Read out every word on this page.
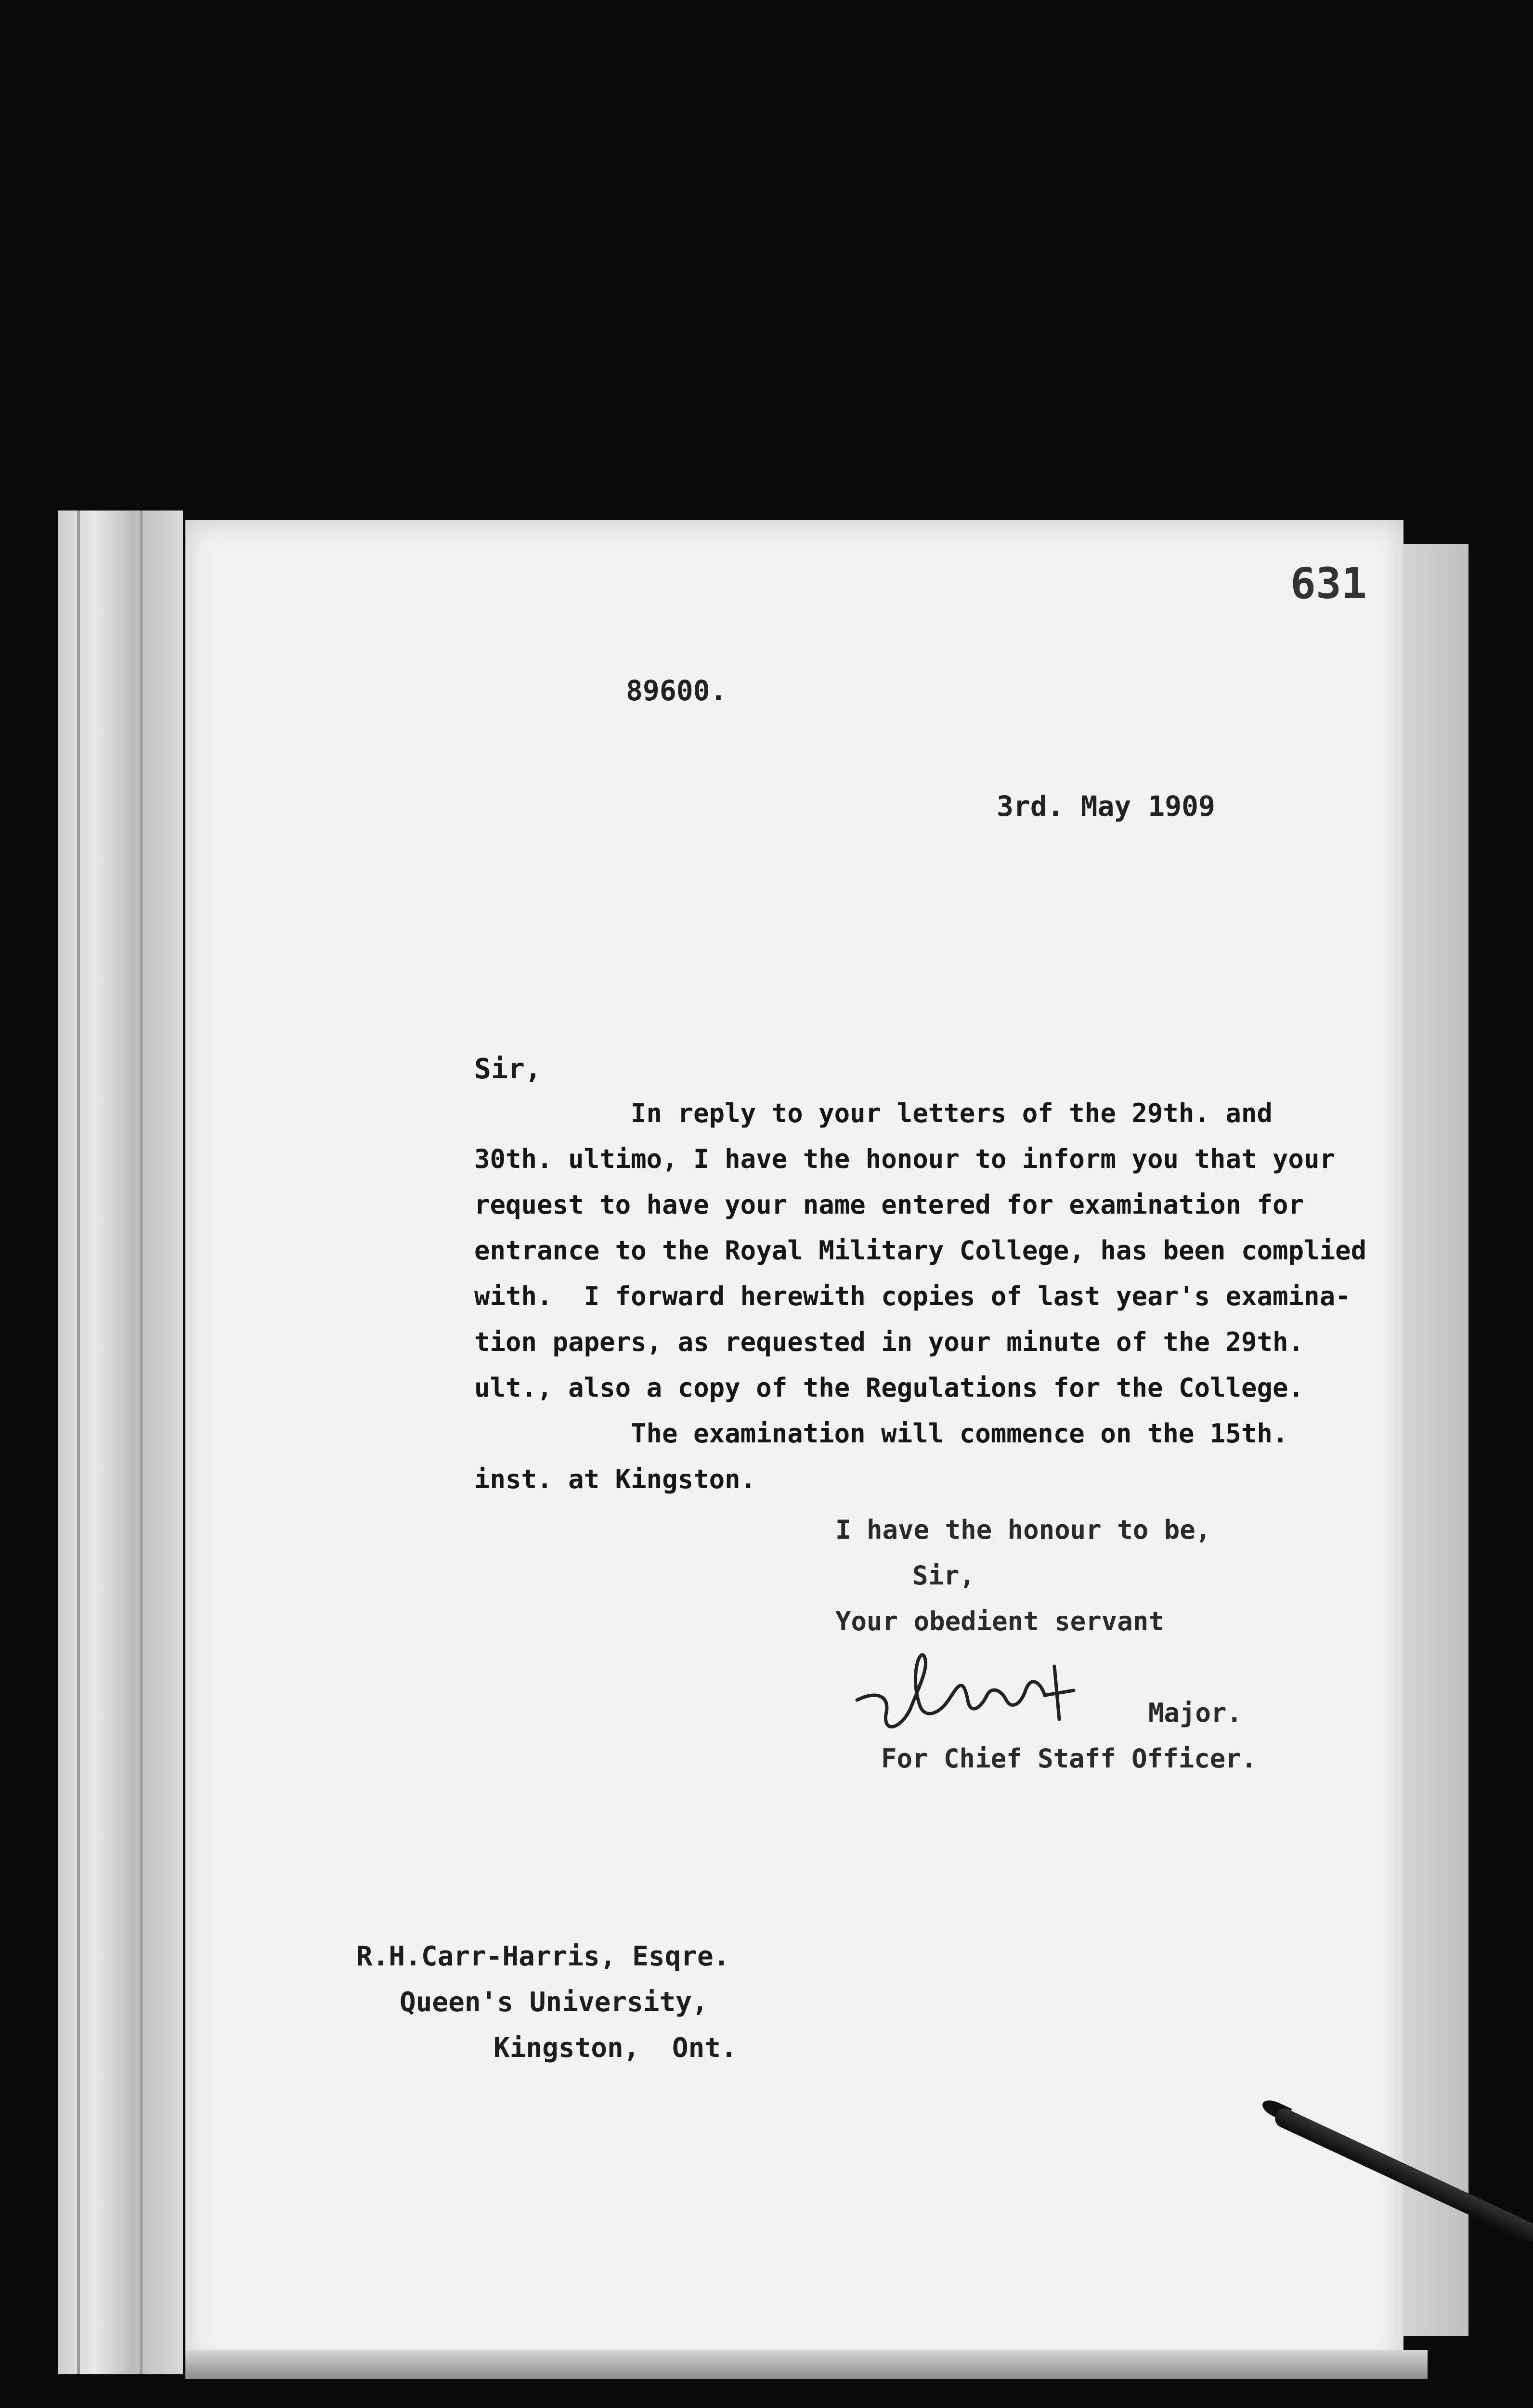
631
89600.
3rd. May 1909
Sir,
In reply to your letters of the 29th. and
30th. ultimo, I have the honour to inform you that your
request to have your name entered for examination for
entrance to the Royal Military College, has been complied
with.  I forward herewith copies of last year's examina-
tion papers, as requested in your minute of the 29th.
ult., also a copy of the Regulations for the College.
The examination will commence on the 15th.
inst. at Kingston.
I have the honour to be,
Sir,
Your obedient servant
Major.
For Chief Staff Officer.
R.H.Carr-Harris, Esqre.
Queen's University,
Kingston,  Ont.
